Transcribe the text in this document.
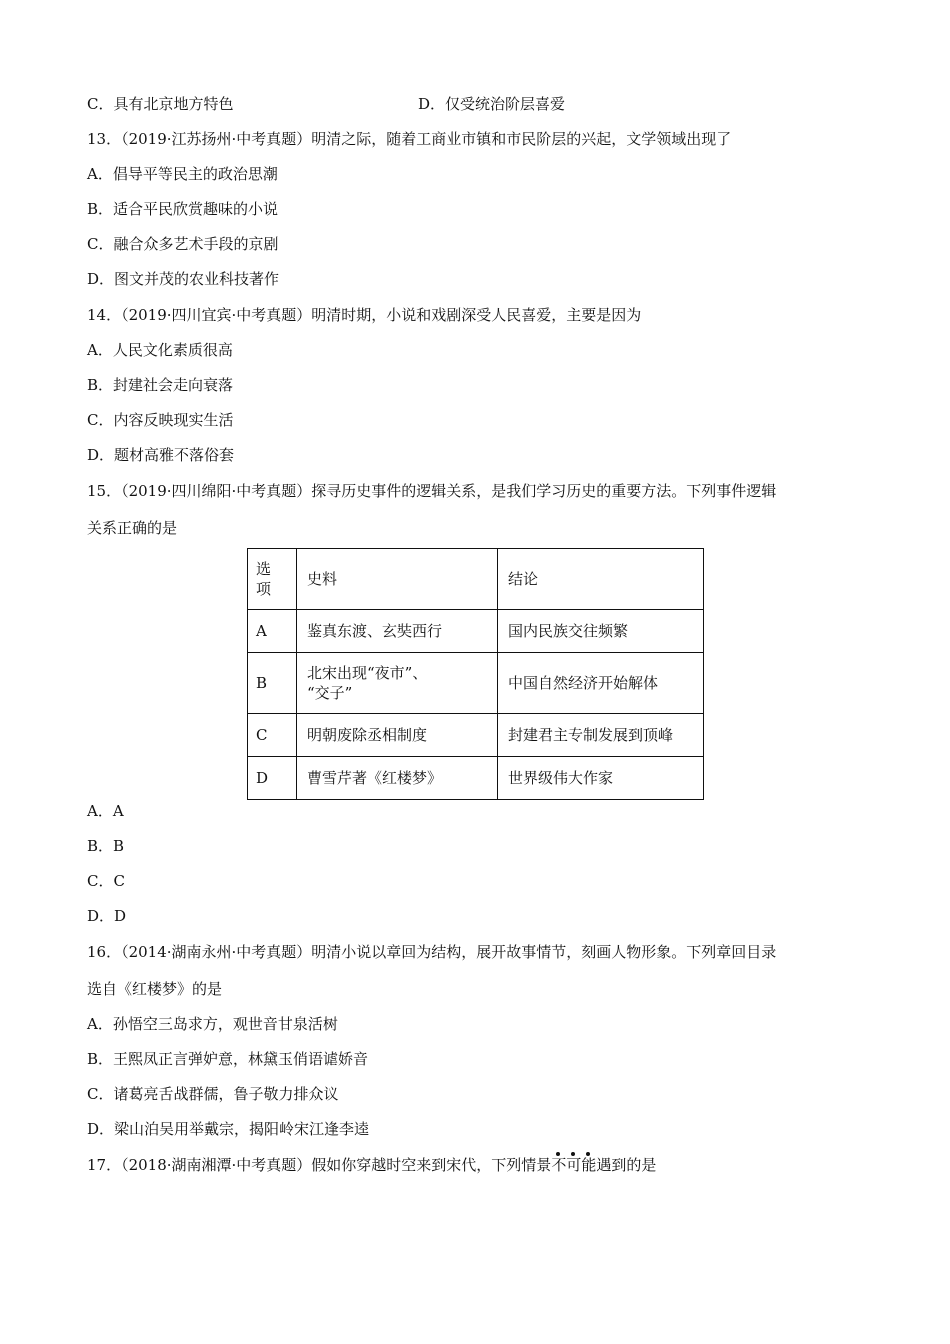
C．具有北京地方特色	D．仅受统治阶层喜爱
13．（2019·江苏扬州·中考真题）明清之际，随着工商业市镇和市民阶层的兴起，文学领域出现了
A．倡导平等民主的政治思潮
B．适合平民欣赏趣味的小说
C．融合众多艺术手段的京剧
D．图文并茂的农业科技著作
14．（2019·四川宜宾·中考真题）明清时期，小说和戏剧深受人民喜爱，主要是因为
A．人民文化素质很高
B．封建社会走向衰落
C．内容反映现实生活
D．题材高雅不落俗套
15．（2019·四川绵阳·中考真题）探寻历史事件的逻辑关系，是我们学习历史的重要方法。下列事件逻辑
关系正确的是
选
项	史料	结论
A	鉴真东渡、玄奘西行	国内民族交往频繁
B	北宋出现“夜市”、
“交子”	中国自然经济开始解体
C	明朝废除丞相制度	封建君主专制发展到顶峰
D	曹雪芹著《红楼梦》	世界级伟大作家
A．A
B．B
C．C
D．D
16．（2014·湖南永州·中考真题）明清小说以章回为结构，展开故事情节，刻画人物形象。下列章回目录
选自《红楼梦》的是
A．孙悟空三岛求方，观世音甘泉活树
B．王熙凤正言弹妒意，林黛玉俏语谑娇音
C．诸葛亮舌战群儒，鲁子敬力排众议
D．梁山泊吴用举戴宗，揭阳岭宋江逢李逵
17．（2018·湖南湘潭·中考真题）假如你穿越时空来到宋代，下列情景不可能
遇到的是
